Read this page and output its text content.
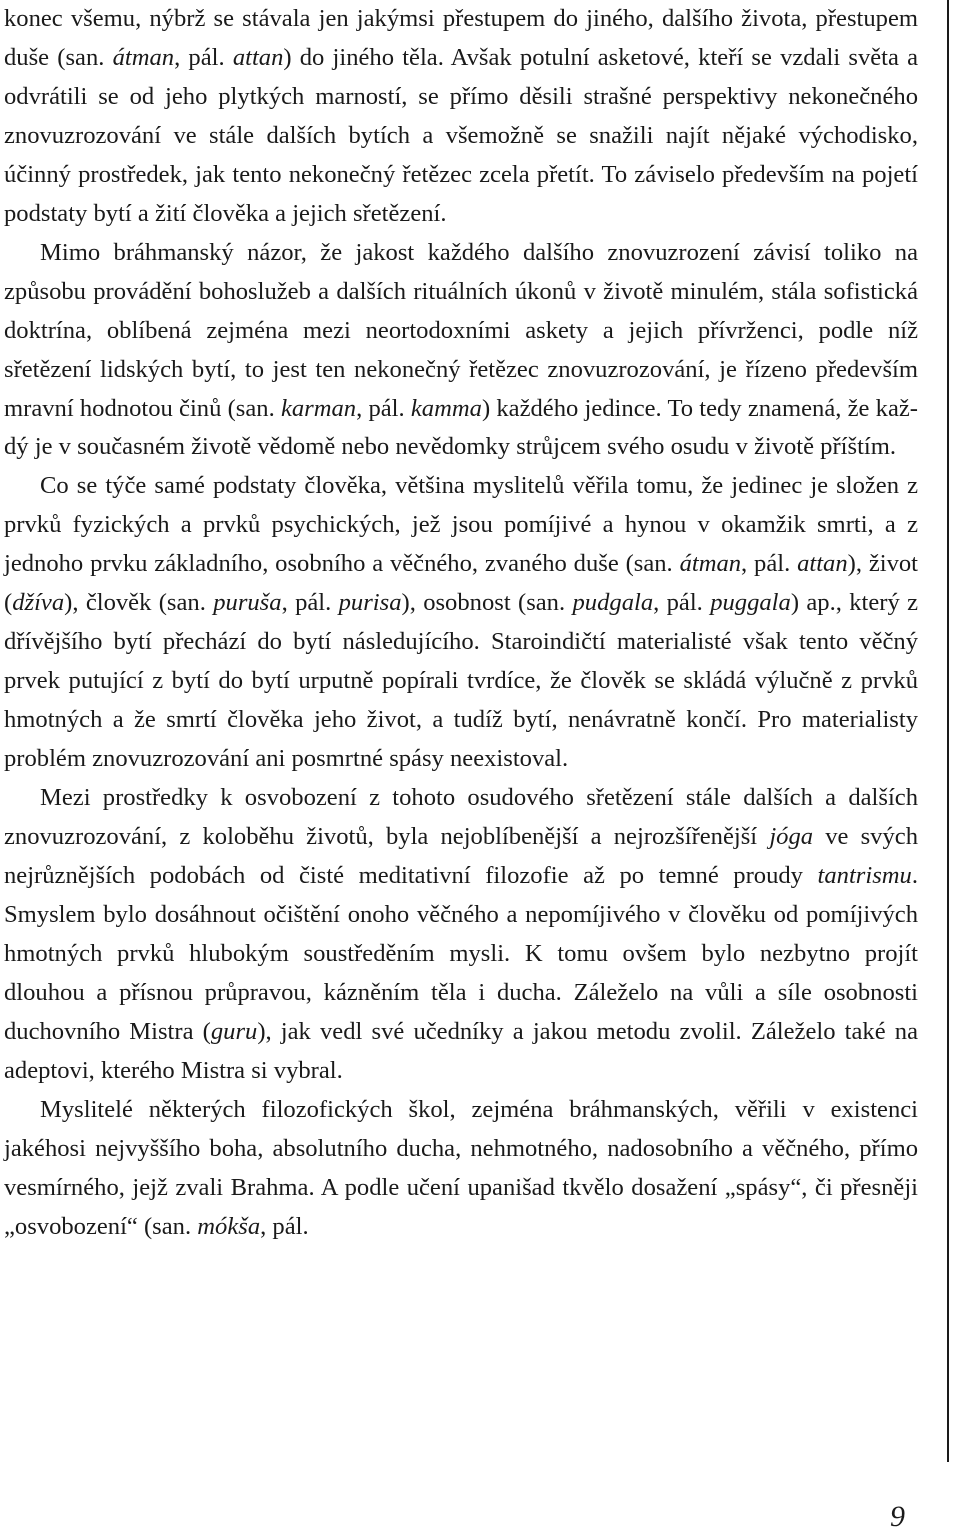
konec všemu, nýbrž se stávala jen jakýmsi přestupem do jiného, dalšího života, přestupem duše (san. átman, pál. attan) do jiného těla. Avšak potulní asketové, kteří se vzdali světa a odvrátili se od jeho plytkých marností, se přímo děsili strašné perspektivy nekonečného znovuzrozování ve stále dalších bytích a všemožně se snažili najít nějaké východisko, účinný prostředek, jak tento nekonečný řetězec zcela přetít. To záviselo především na pojetí podstaty bytí a žití člověka a jejich sřetězení.

Mimo bráhmanský názor, že jakost každého dalšího znovuzrození závisí toliko na způsobu provádění bohoslužeb a dalších rituálních úkonů v životě minulém, stála sofistická doktrína, oblíbená zejména mezi neortodoxními askety a jejich přívrženci, podle níž sřetězení lidských bytí, to jest ten nekonečný řetězec znovuzrozování, je řízeno především mravní hodnotou činů (san. karman, pál. kamma) každého jedince. To tedy znamená, že každý je v současném životě vědomě nebo nevědomky strůjcem svého osudu v životě příštím.

Co se týče samé podstaty člověka, většina myslitelů věřila tomu, že jedinec je složen z prvků fyzických a prvků psychických, jež jsou pomíjivé a hynou v okamžik smrti, a z jednoho prvku základního, osobního a věčného, zvaného duše (san. átman, pál. attan), život (džíva), člověk (san. puruša, pál. purisa), osobnost (san. pudgala, pál. puggala) ap., který z dřívějšího bytí přechází do bytí následujícího. Staroindičtí materialisté však tento věčný prvek putující z bytí do bytí urputně popírali tvrdíce, že člověk se skládá výlučně z prvků hmotných a že smrtí člověka jeho život, a tudíž bytí, nenávratně končí. Pro materialisty problém znovuzrozování ani posmrtné spásy neexistoval.

Mezi prostředky k osvobození z tohoto osudového sřetězení stále dalších a dalších znovuzrozování, z koloběhu životů, byla nejoblíbenější a nejrozšířenější jóga ve svých nejrůznějších podobách od čisté meditativní filozofie až po temné proudy tantrismu. Smyslem bylo dosáhnout očištění onoho věčného a nepomíjivého v člověku od pomíjivých hmotných prvků hlubokým soustředěním mysli. K tomu ovšem bylo nezbytno projít dlouhou a přísnou průpravou, kázněním těla i ducha. Záleželo na vůli a síle osobnosti duchovního Mistra (guru), jak vedl své učedníky a jakou metodu zvolil. Záleželo také na adeptovi, kterého Mistra si vybral.

Myslitelé některých filozofických škol, zejména bráhmanských, věřili v existenci jakéhosi nejvyššího boha, absolutního ducha, nehmotného, nadosobního a věčného, přímo vesmírného, jejž zvali Brahma. A podle učení upanišad tkvělo dosažení „spásy“, či přesněji „osvobození“ (san. mókša, pál.

9
